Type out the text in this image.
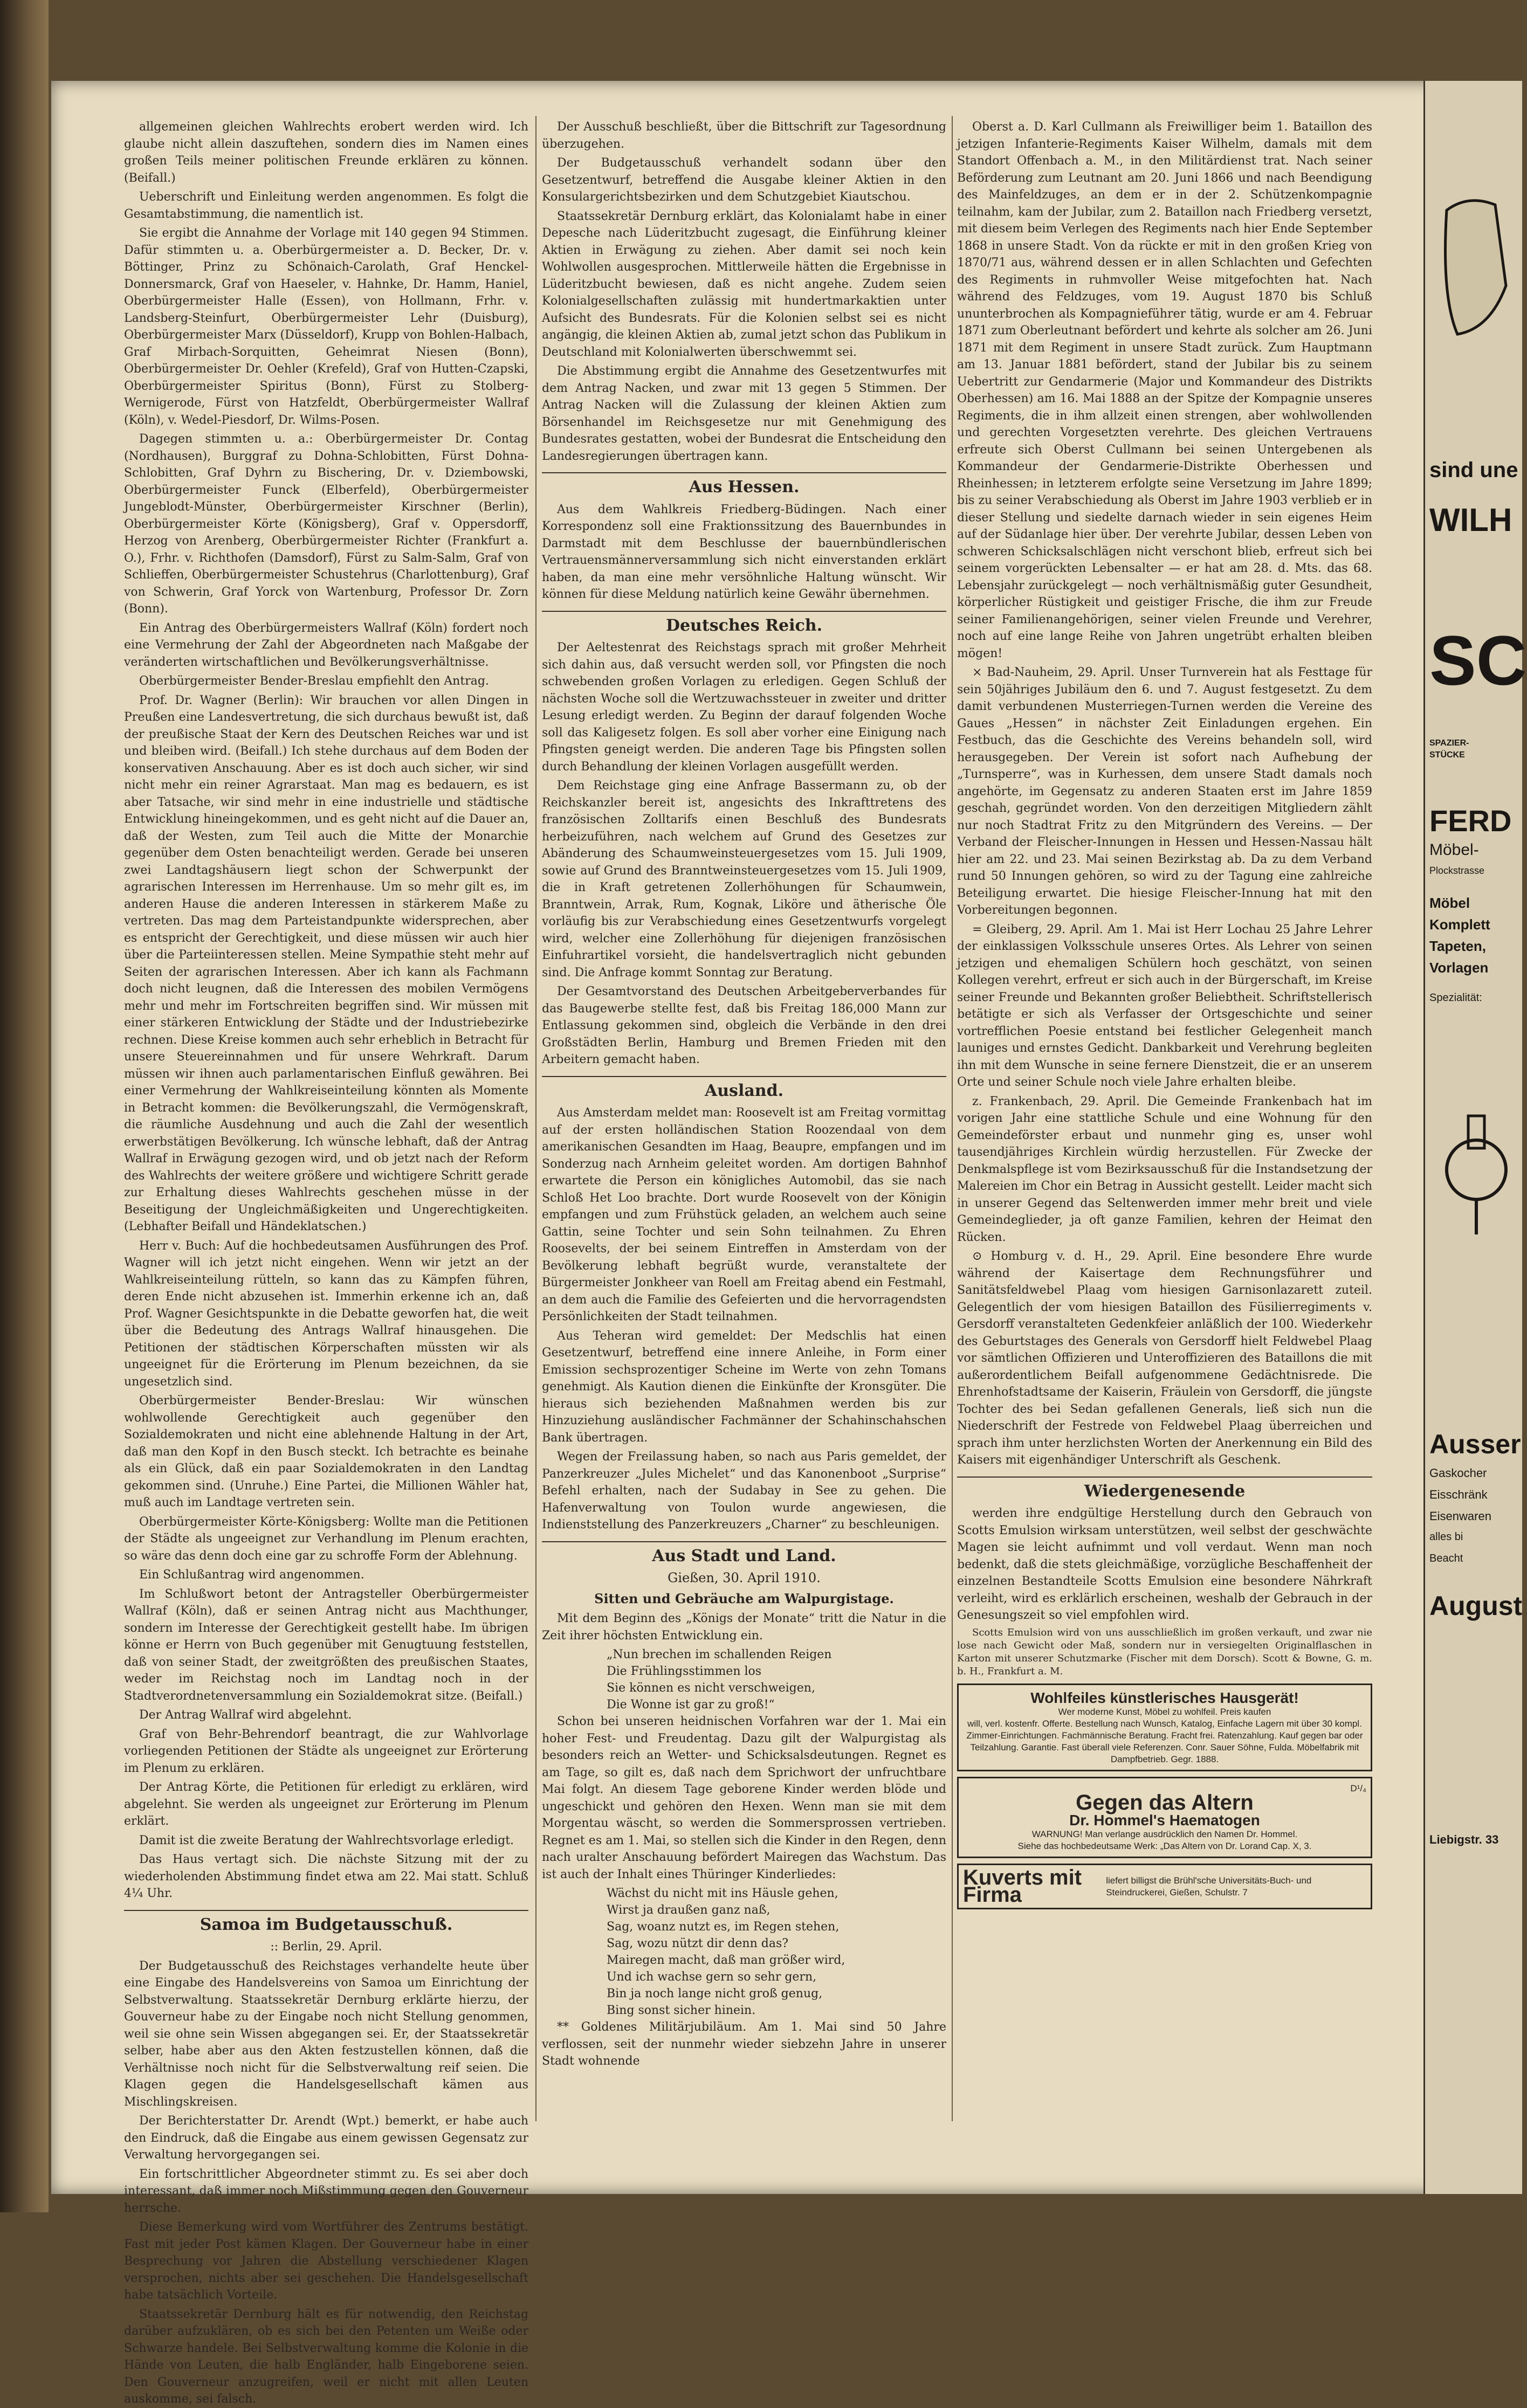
allgemeinen gleichen Wahlrechts erobert werden wird. Ich glaube nicht allein daszuftehen, sondern dies im Namen eines großen Teils meiner politischen Freunde erklären zu können. (Beifall.)

Ueberschrift und Einleitung werden angenommen. Es folgt die Gesamtabstimmung, die namentlich ist.

Sie ergibt die Annahme der Vorlage mit 140 gegen 94 Stimmen. Dafür stimmten u. a. Oberbürgermeister a. D. Becker, Dr. v. Böttinger, Prinz zu Schönaich-Carolath, Graf Henckel-Donnersmarck, Graf von Haeseler, v. Hahnke, Dr. Hamm, Haniel, Oberbürgermeister Halle (Essen), von Hollmann, Frhr. v. Landsberg-Steinfurt, Oberbürgermeister Lehr (Duisburg), Oberbürgermeister Marx (Düsseldorf), Krupp von Bohlen-Halbach, Graf Mirbach-Sorquitten, Geheimrat Niesen (Bonn), Oberbürgermeister Dr. Oehler (Krefeld), Graf von Hutten-Czapski, Oberbürgermeister Spiritus (Bonn), Fürst zu Stolberg-Wernigerode, Fürst von Hatzfeldt, Oberbürgermeister Wallraf (Köln), v. Wedel-Piesdorf, Dr. Wilms-Posen.

Dagegen stimmten u. a.: Oberbürgermeister Dr. Contag (Nordhausen), Burggraf zu Dohna-Schlobitten, Fürst Dohna-Schlobitten, Graf Dyhrn zu Bischering, Dr. v. Dziembowski, Oberbürgermeister Funck (Elberfeld), Oberbürgermeister Jungeblodt-Münster, Oberbürgermeister Kirschner (Berlin), Oberbürgermeister Körte (Königsberg), Graf v. Oppersdorff, Herzog von Arenberg, Oberbürgermeister Richter (Frankfurt a. O.), Frhr. v. Richthofen (Damsdorf), Fürst zu Salm-Salm, Graf von Schlieffen, Oberbürgermeister Schustehrus (Charlottenburg), Graf von Schwerin, Graf Yorck von Wartenburg, Professor Dr. Zorn (Bonn).

Ein Antrag des Oberbürgermeisters Wallraf (Köln) fordert noch eine Vermehrung der Zahl der Abgeordneten nach Maßgabe der veränderten wirtschaftlichen und Bevölkerungsverhältnisse.

Oberbürgermeister Bender-Breslau empfiehlt den Antrag.

Prof. Dr. Wagner (Berlin): Wir brauchen vor allen Dingen in Preußen eine Landesvertretung, die sich durchaus bewußt ist, daß der preußische Staat der Kern des Deutschen Reiches war und ist und bleiben wird. (Beifall.) Ich stehe durchaus auf dem Boden der konservativen Anschauung. Aber es ist doch auch sicher, wir sind nicht mehr ein reiner Agrarstaat. Man mag es bedauern, es ist aber Tatsache, wir sind mehr in eine industrielle und städtische Entwicklung hineingekommen, und es geht nicht auf die Dauer an, daß der Westen, zum Teil auch die Mitte der Monarchie gegenüber dem Osten benachteiligt werden. Gerade bei unseren zwei Landtagshäusern liegt schon der Schwerpunkt der agrarischen Interessen im Herrenhause. Um so mehr gilt es, im anderen Hause die anderen Interessen in stärkerem Maße zu vertreten. Das mag dem Parteistandpunkte widersprechen, aber es entspricht der Gerechtigkeit, und diese müssen wir auch hier über die Parteiinteressen stellen. Meine Sympathie steht mehr auf Seiten der agrarischen Interessen. Aber ich kann als Fachmann doch nicht leugnen, daß die Interessen des mobilen Vermögens mehr und mehr im Fortschreiten begriffen sind. Wir müssen mit einer stärkeren Entwicklung der Städte und der Industriebezirke rechnen. Diese Kreise kommen auch sehr erheblich in Betracht für unsere Steuereinnahmen und für unsere Wehrkraft. Darum müssen wir ihnen auch parlamentarischen Einfluß gewähren. Bei einer Vermehrung der Wahlkreiseinteilung könnten als Momente in Betracht kommen: die Bevölkerungszahl, die Vermögenskraft, die räumliche Ausdehnung und auch die Zahl der wesentlich erwerbstätigen Bevölkerung. Ich wünsche lebhaft, daß der Antrag Wallraf in Erwägung gezogen wird, und ob jetzt nach der Reform des Wahlrechts der weitere größere und wichtigere Schritt gerade zur Erhaltung dieses Wahlrechts geschehen müsse in der Beseitigung der Ungleichmäßigkeiten und Ungerechtigkeiten. (Lebhafter Beifall und Händeklatschen.)

Herr v. Buch: Auf die hochbedeutsamen Ausführungen des Prof. Wagner will ich jetzt nicht eingehen. Wenn wir jetzt an der Wahlkreiseinteilung rütteln, so kann das zu Kämpfen führen, deren Ende nicht abzusehen ist. Immerhin erkenne ich an, daß Prof. Wagner Gesichtspunkte in die Debatte geworfen hat, die weit über die Bedeutung des Antrags Wallraf hinausgehen. Die Petitionen der städtischen Körperschaften müssten wir als ungeeignet für die Erörterung im Plenum bezeichnen, da sie ungesetzlich sind.

Oberbürgermeister Bender-Breslau: Wir wünschen wohlwollende Gerechtigkeit auch gegenüber den Sozialdemokraten und nicht eine ablehnende Haltung in der Art, daß man den Kopf in den Busch steckt. Ich betrachte es beinahe als ein Glück, daß ein paar Sozialdemokraten in den Landtag gekommen sind. (Unruhe.) Eine Partei, die Millionen Wähler hat, muß auch im Landtage vertreten sein.

Oberbürgermeister Körte-Königsberg: Wollte man die Petitionen der Städte als ungeeignet zur Verhandlung im Plenum erachten, so wäre das denn doch eine gar zu schroffe Form der Ablehnung.

Ein Schlußantrag wird angenommen.

Im Schlußwort betont der Antragsteller Oberbürgermeister Wallraf (Köln), daß er seinen Antrag nicht aus Machthunger, sondern im Interesse der Gerechtigkeit gestellt habe. Im übrigen könne er Herrn von Buch gegenüber mit Genugtuung feststellen, daß von seiner Stadt, der zweitgrößten des preußischen Staates, weder im Reichstag noch im Landtag noch in der Stadtverordnetenversammlung ein Sozialdemokrat sitze. (Beifall.)

Der Antrag Wallraf wird abgelehnt.

Graf von Behr-Behrendorf beantragt, die zur Wahlvorlage vorliegenden Petitionen der Städte als ungeeignet zur Erörterung im Plenum zu erklären.

Der Antrag Körte, die Petitionen für erledigt zu erklären, wird abgelehnt. Sie werden als ungeeignet zur Erörterung im Plenum erklärt.

Damit ist die zweite Beratung der Wahlrechtsvorlage erledigt.

Das Haus vertagt sich. Die nächste Sitzung mit der zu wiederholenden Abstimmung findet etwa am 22. Mai statt. Schluß 4¼ Uhr.

Samoa im Budgetausschuß.

:: Berlin, 29. April.

Der Budgetausschuß des Reichstages verhandelte heute über eine Eingabe des Handelsvereins von Samoa um Einrichtung der Selbstverwaltung. Staatssekretär Dernburg erklärte hierzu, der Gouverneur habe zu der Eingabe noch nicht Stellung genommen, weil sie ohne sein Wissen abgegangen sei. Er, der Staatssekretär selber, habe aber aus den Akten festzustellen können, daß die Verhältnisse noch nicht für die Selbstverwaltung reif seien. Die Klagen gegen die Handelsgesellschaft kämen aus Mischlingskreisen.

Der Berichterstatter Dr. Arendt (Wpt.) bemerkt, er habe auch den Eindruck, daß die Eingabe aus einem gewissen Gegensatz zur Verwaltung hervorgegangen sei.

Ein fortschrittlicher Abgeordneter stimmt zu. Es sei aber doch interessant, daß immer noch Mißstimmung gegen den Gouverneur herrsche.

Diese Bemerkung wird vom Wortführer des Zentrums bestätigt. Fast mit jeder Post kämen Klagen. Der Gouverneur habe in einer Besprechung vor Jahren die Abstellung verschiedener Klagen versprochen, nichts aber sei geschehen. Die Handelsgesellschaft habe tatsächlich Vorteile.

Staatssekretär Dernburg hält es für notwendig, den Reichstag darüber aufzuklären, ob es sich bei den Petenten um Weiße oder Schwarze handele. Bei Selbstverwaltung komme die Kolonie in die Hände von Leuten, die halb Engländer, halb Eingeborene seien. Den Gouverneur anzugreifen, weil er nicht mit allen Leuten auskomme, sei falsch.

Der Ausschuß beschließt, über die Bittschrift zur Tagesordnung überzugehen.

Der Budgetausschuß verhandelt sodann über den Gesetzentwurf, betreffend die Ausgabe kleiner Aktien in den Konsulargerichtsbezirken und dem Schutzgebiet Kiautschou.

Staatssekretär Dernburg erklärt, das Kolonialamt habe in einer Depesche nach Lüderitzbucht zugesagt, die Einführung kleiner Aktien in Erwägung zu ziehen. Aber damit sei noch kein Wohlwollen ausgesprochen. Mittlerweile hätten die Ergebnisse in Lüderitzbucht bewiesen, daß es nicht angehe. Zudem seien Kolonialgesellschaften zulässig mit hundertmarkaktien unter Aufsicht des Bundesrats. Für die Kolonien selbst sei es nicht angängig, die kleinen Aktien ab, zumal jetzt schon das Publikum in Deutschland mit Kolonialwerten überschwemmt sei.

Die Abstimmung ergibt die Annahme des Gesetzentwurfes mit dem Antrag Nacken, und zwar mit 13 gegen 5 Stimmen. Der Antrag Nacken will die Zulassung der kleinen Aktien zum Börsenhandel im Reichsgesetze nur mit Genehmigung des Bundesrates gestatten, wobei der Bundesrat die Entscheidung den Landesregierungen übertragen kann.

Aus Hessen.

Aus dem Wahlkreis Friedberg-Büdingen. Nach einer Korrespondenz soll eine Fraktionssitzung des Bauernbundes in Darmstadt mit dem Beschlusse der bauernbündlerischen Vertrauensmännerversammlung sich nicht einverstanden erklärt haben, da man eine mehr versöhnliche Haltung wünscht. Wir können für diese Meldung natürlich keine Gewähr übernehmen.

Deutsches Reich.

Der Aeltestenrat des Reichstags sprach mit großer Mehrheit sich dahin aus, daß versucht werden soll, vor Pfingsten die noch schwebenden großen Vorlagen zu erledigen. Gegen Schluß der nächsten Woche soll die Wertzuwachssteuer in zweiter und dritter Lesung erledigt werden. Zu Beginn der darauf folgenden Woche soll das Kaligesetz folgen. Es soll aber vorher eine Einigung nach Pfingsten geneigt werden. Die anderen Tage bis Pfingsten sollen durch Behandlung der kleinen Vorlagen ausgefüllt werden.

Dem Reichstage ging eine Anfrage Bassermann zu, ob der Reichskanzler bereit ist, angesichts des Inkrafttretens des französischen Zolltarifs einen Beschluß des Bundesrats herbeizuführen, nach welchem auf Grund des Gesetzes zur Abänderung des Schaumweinsteuergesetzes vom 15. Juli 1909, sowie auf Grund des Branntweinsteuergesetzes vom 15. Juli 1909, die in Kraft getretenen Zollerhöhungen für Schaumwein, Branntwein, Arrak, Rum, Kognak, Liköre und ätherische Öle vorläufig bis zur Verabschiedung eines Gesetzentwurfs vorgelegt wird, welcher eine Zollerhöhung für diejenigen französischen Einfuhrartikel vorsieht, die handelsvertraglich nicht gebunden sind. Die Anfrage kommt Sonntag zur Beratung.

Der Gesamtvorstand des Deutschen Arbeitgeberverbandes für das Baugewerbe stellte fest, daß bis Freitag 186,000 Mann zur Entlassung gekommen sind, obgleich die Verbände in den drei Großstädten Berlin, Hamburg und Bremen Frieden mit den Arbeitern gemacht haben.

Ausland.

Aus Amsterdam meldet man: Roosevelt ist am Freitag vormittag auf der ersten holländischen Station Roozendaal von dem amerikanischen Gesandten im Haag, Beaupre, empfangen und im Sonderzug nach Arnheim geleitet worden. Am dortigen Bahnhof erwartete die Person ein königliches Automobil, das sie nach Schloß Het Loo brachte. Dort wurde Roosevelt von der Königin empfangen und zum Frühstück geladen, an welchem auch seine Gattin, seine Tochter und sein Sohn teilnahmen. Zu Ehren Roosevelts, der bei seinem Eintreffen in Amsterdam von der Bevölkerung lebhaft begrüßt wurde, veranstaltete der Bürgermeister Jonkheer van Roell am Freitag abend ein Festmahl, an dem auch die Familie des Gefeierten und die hervorragendsten Persönlichkeiten der Stadt teilnahmen.

Aus Teheran wird gemeldet: Der Medschlis hat einen Gesetzentwurf, betreffend eine innere Anleihe, in Form einer Emission sechsprozentiger Scheine im Werte von zehn Tomans genehmigt. Als Kaution dienen die Einkünfte der Kronsgüter. Die hieraus sich beziehenden Maßnahmen werden bis zur Hinzuziehung ausländischer Fachmänner der Schahinschahschen Bank übertragen.

Wegen der Freilassung haben, so nach aus Paris gemeldet, der Panzerkreuzer „Jules Michelet“ und das Kanonenboot „Surprise“ Befehl erhalten, nach der Sudabay in See zu gehen. Die Hafenverwaltung von Toulon wurde angewiesen, die Indienststellung des Panzerkreuzers „Charner“ zu beschleunigen.

Aus Stadt und Land.
Gießen, 30. April 1910.
Sitten und Gebräuche am Walpurgistage.

Mit dem Beginn des „Königs der Monate“ tritt die Natur in die Zeit ihrer höchsten Entwicklung ein.

„Nun brechen im schallenden Reigen
Die Frühlingsstimmen los
Sie können es nicht verschweigen,
Die Wonne ist gar zu groß!“

Schon bei unseren heidnischen Vorfahren war der 1. Mai ein hoher Fest- und Freudentag. Dazu gilt der Walpurgistag als besonders reich an Wetter- und Schicksalsdeutungen. Regnet es am Tage, so gilt es, daß nach dem Sprichwort der unfruchtbare Mai folgt. An diesem Tage geborene Kinder werden blöde und ungeschickt und gehören den Hexen. Wenn man sie mit dem Morgentau wäscht, so werden die Sommersprossen vertrieben. Regnet es am 1. Mai, so stellen sich die Kinder in den Regen, denn nach uralter Anschauung befördert Mairegen das Wachstum. Das ist auch der Inhalt eines Thüringer Kinderliedes:

Wächst du nicht mit ins Häusle gehen,
Wirst ja draußen ganz naß,
Sag, woanz nutzt es, im Regen stehen,
Sag, wozu nützt dir denn das?
Mairegen macht, daß man größer wird,
Und ich wachse gern so sehr gern,
Bin ja noch lange nicht groß genug,
Bing sonst sicher hinein.

** Goldenes Militärjubiläum. Am 1. Mai sind 50 Jahre verflossen, seit der nunmehr wieder siebzehn Jahre in unserer Stadt wohnende

Oberst a. D. Karl Cullmann als Freiwilliger beim 1. Bataillon des jetzigen Infanterie-Regiments Kaiser Wilhelm, damals mit dem Standort Offenbach a. M., in den Militärdienst trat. Nach seiner Beförderung zum Leutnant am 20. Juni 1866 und nach Beendigung des Mainfeldzuges, an dem er in der 2. Schützenkompagnie teilnahm, kam der Jubilar, zum 2. Bataillon nach Friedberg versetzt, mit diesem beim Verlegen des Regiments nach hier Ende September 1868 in unsere Stadt. Von da rückte er mit in den großen Krieg von 1870/71 aus, während dessen er in allen Schlachten und Gefechten des Regiments in ruhmvoller Weise mitgefochten hat. Nach während des Feldzuges, vom 19. August 1870 bis Schluß ununterbrochen als Kompagnieführer tätig, wurde er am 4. Februar 1871 zum Oberleutnant befördert und kehrte als solcher am 26. Juni 1871 mit dem Regiment in unsere Stadt zurück. Zum Hauptmann am 13. Januar 1881 befördert, stand der Jubilar bis zu seinem Uebertritt zur Gendarmerie (Major und Kommandeur des Distrikts Oberhessen) am 16. Mai 1888 an der Spitze der Kompagnie unseres Regiments, die in ihm allzeit einen strengen, aber wohlwollenden und gerechten Vorgesetzten verehrte. Des gleichen Vertrauens erfreute sich Oberst Cullmann bei seinen Untergebenen als Kommandeur der Gendarmerie-Distrikte Oberhessen und Rheinhessen; in letzterem erfolgte seine Versetzung im Jahre 1899; bis zu seiner Verabschiedung als Oberst im Jahre 1903 verblieb er in dieser Stellung und siedelte darnach wieder in sein eigenes Heim auf der Südanlage hier über. Der verehrte Jubilar, dessen Leben von schweren Schicksalschlägen nicht verschont blieb, erfreut sich bei seinem vorgerückten Lebensalter — er hat am 28. d. Mts. das 68. Lebensjahr zurückgelegt — noch verhältnismäßig guter Gesundheit, körperlicher Rüstigkeit und geistiger Frische, die ihm zur Freude seiner Familienangehörigen, seiner vielen Freunde und Verehrer, noch auf eine lange Reihe von Jahren ungetrübt erhalten bleiben mögen!

× Bad-Nauheim, 29. April. Unser Turnverein hat als Festtage für sein 50jähriges Jubiläum den 6. und 7. August festgesetzt. Zu dem damit verbundenen Musterriegen-Turnen werden die Vereine des Gaues „Hessen“ in nächster Zeit Einladungen ergehen. Ein Festbuch, das die Geschichte des Vereins behandeln soll, wird herausgegeben. Der Verein ist sofort nach Aufhebung der „Turnsperre“, was in Kurhessen, dem unsere Stadt damals noch angehörte, im Gegensatz zu anderen Staaten erst im Jahre 1859 geschah, gegründet worden. Von den derzeitigen Mitgliedern zählt nur noch Stadtrat Fritz zu den Mitgründern des Vereins. — Der Verband der Fleischer-Innungen in Hessen und Hessen-Nassau hält hier am 22. und 23. Mai seinen Bezirkstag ab. Da zu dem Verband rund 50 Innungen gehören, so wird zu der Tagung eine zahlreiche Beteiligung erwartet. Die hiesige Fleischer-Innung hat mit den Vorbereitungen begonnen.

= Gleiberg, 29. April. Am 1. Mai ist Herr Lochau 25 Jahre Lehrer der einklassigen Volksschule unseres Ortes. Als Lehrer von seinen jetzigen und ehemaligen Schülern hoch geschätzt, von seinen Kollegen verehrt, erfreut er sich auch in der Bürgerschaft, im Kreise seiner Freunde und Bekannten großer Beliebtheit. Schriftstellerisch betätigte er sich als Verfasser der Ortsgeschichte und seiner vortrefflichen Poesie entstand bei festlicher Gelegenheit manch launiges und ernstes Gedicht. Dankbarkeit und Verehrung begleiten ihn mit dem Wunsche in seine fernere Dienstzeit, die er an unserem Orte und seiner Schule noch viele Jahre erhalten bleibe.

z. Frankenbach, 29. April. Die Gemeinde Frankenbach hat im vorigen Jahr eine stattliche Schule und eine Wohnung für den Gemeindeförster erbaut und nunmehr ging es, unser wohl tausendjähriges Kirchlein würdig herzustellen. Für Zwecke der Denkmalspflege ist vom Bezirksausschuß für die Instandsetzung der Malereien im Chor ein Betrag in Aussicht gestellt. Leider macht sich in unserer Gegend das Seltenwerden immer mehr breit und viele Gemeindeglieder, ja oft ganze Familien, kehren der Heimat den Rücken.

⊙ Homburg v. d. H., 29. April. Eine besondere Ehre wurde während der Kaisertage dem Rechnungsführer und Sanitätsfeldwebel Plaag vom hiesigen Garnisonlazarett zuteil. Gelegentlich der vom hiesigen Bataillon des Füsilierregiments v. Gersdorff veranstalteten Gedenkfeier anläßlich der 100. Wiederkehr des Geburtstages des Generals von Gersdorff hielt Feldwebel Plaag vor sämtlichen Offizieren und Unteroffizieren des Bataillons die mit außerordentlichem Beifall aufgenommene Gedächtnisrede. Die Ehrenhofstadtsame der Kaiserin, Fräulein von Gersdorff, die jüngste Tochter des bei Sedan gefallenen Generals, ließ sich nun die Niederschrift der Festrede von Feldwebel Plaag überreichen und sprach ihm unter herzlichsten Worten der Anerkennung ein Bild des Kaisers mit eigenhändiger Unterschrift als Geschenk.

Wiedergenesende

werden ihre endgültige Herstellung durch den Gebrauch von Scotts Emulsion wirksam unterstützen, weil selbst der geschwächte Magen sie leicht aufnimmt und voll verdaut. Wenn man noch bedenkt, daß die stets gleichmäßige, vorzügliche Beschaffenheit der einzelnen Bestandteile Scotts Emulsion eine besondere Nährkraft verleiht, wird es erklärlich erscheinen, weshalb der Gebrauch in der Genesungszeit so viel empfohlen wird.

Scotts Emulsion wird von uns ausschließlich im großen verkauft, und zwar nie lose nach Gewicht oder Maß, sondern nur in versiegelten Originalflaschen in Karton mit unserer Schutzmarke (Fischer mit dem Dorsch). Scott & Bowne, G. m. b. H., Frankfurt a. M.

Wohlfeiles künstlerisches Hausgerät!
Wer moderne Kunst, Möbel zu wohlfeil. Preis kaufen
will, verl. kostenfr. Offerte. Bestellung nach Wunsch, Katalog, Einfache Lagern mit über 30 kompl. Zimmer-Einrichtungen. Fachmännische Beratung. Fracht frei. Ratenzahlung. Kauf gegen bar oder Teilzahlung. Garantie. Fast überall viele Referenzen. Conr. Sauer Söhne, Fulda. Möbelfabrik mit Dampfbetrieb. Gegr. 1888.
D¹/₄
Gegen das Altern
Dr. Hommel's Haematogen
WARNUNG! Man verlange ausdrücklich den Namen Dr. Hommel.
Siehe das hochbedeutsame Werk: „Das Altern von Dr. Lorand Cap. X, 3.
Kuverts mit Firma
liefert billigst die Brühl'sche Universitäts-Buch- und Steindruckerei, Gießen, Schulstr. 7
sind une
WILH
SC
SPAZIER-
STÜCKE
FERD
Möbel-
Plockstrasse
Möbel
Komplett
Tapeten,
Vorlagen
Spezialität:
Ausser
Gaskocher
Eisschränk
Eisenwaren
alles bi
Beacht
August
Liebigstr. 33
